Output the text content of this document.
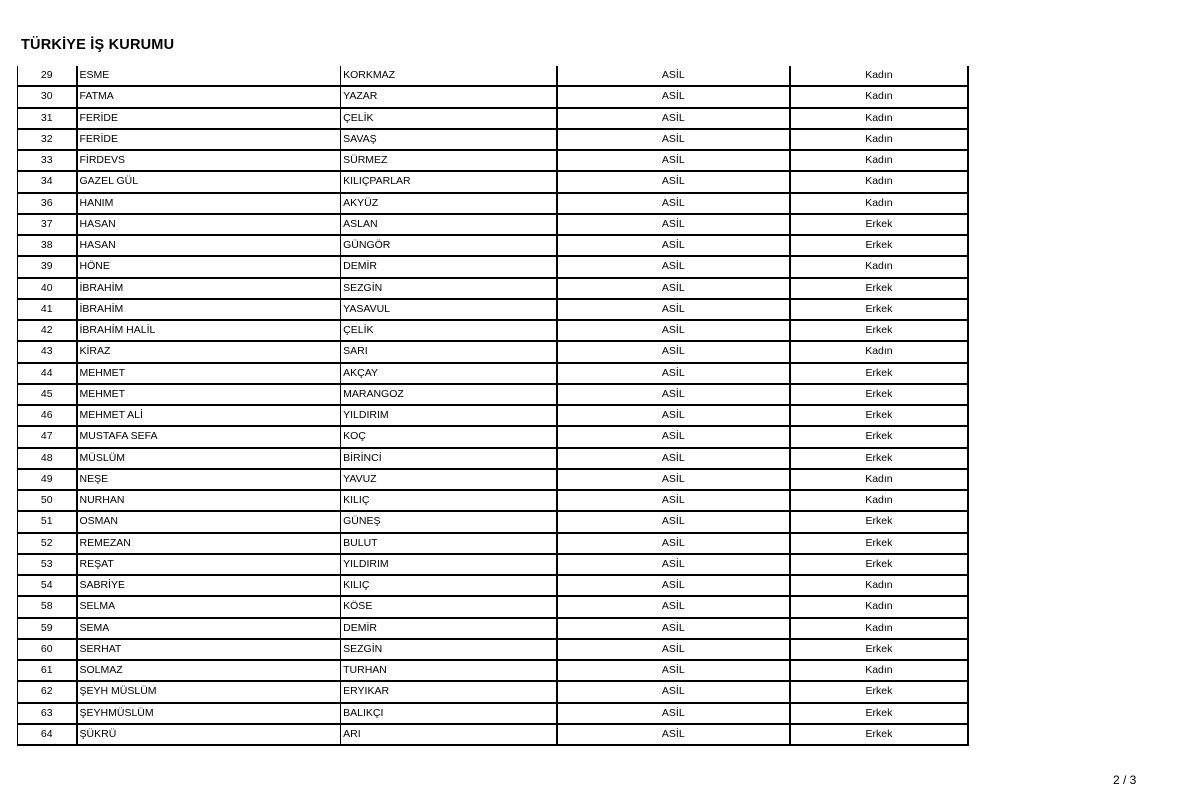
TÜRKİYE İŞ KURUMU
29	ESME	KORKMAZ	ASİL	Kadın
30	FATMA	YAZAR	ASİL	Kadın
31	FERİDE	ÇELİK	ASİL	Kadın
32	FERİDE	SAVAŞ	ASİL	Kadın
33	FİRDEVS	SÜRMEZ	ASİL	Kadın
34	GAZEL GÜL	KILIÇPARLAR	ASİL	Kadın
36	HANIM	AKYÜZ	ASİL	Kadın
37	HASAN	ASLAN	ASİL	Erkek
38	HASAN	GÜNGÖR	ASİL	Erkek
39	HÖNE	DEMİR	ASİL	Kadın
40	İBRAHİM	SEZGİN	ASİL	Erkek
41	İBRAHİM	YASAVUL	ASİL	Erkek
42	İBRAHİM HALİL	ÇELİK	ASİL	Erkek
43	KİRAZ	SARI	ASİL	Kadın
44	MEHMET	AKÇAY	ASİL	Erkek
45	MEHMET	MARANGOZ	ASİL	Erkek
46	MEHMET ALİ	YILDIRIM	ASİL	Erkek
47	MUSTAFA SEFA	KOÇ	ASİL	Erkek
48	MÜSLÜM	BİRİNCİ	ASİL	Erkek
49	NEŞE	YAVUZ	ASİL	Kadın
50	NURHAN	KILIÇ	ASİL	Kadın
51	OSMAN	GÜNEŞ	ASİL	Erkek
52	REMEZAN	BULUT	ASİL	Erkek
53	REŞAT	YILDIRIM	ASİL	Erkek
54	SABRİYE	KILIÇ	ASİL	Kadın
58	SELMA	KÖSE	ASİL	Kadın
59	SEMA	DEMİR	ASİL	Kadın
60	SERHAT	SEZGİN	ASİL	Erkek
61	SOLMAZ	TURHAN	ASİL	Kadın
62	ŞEYH MÜSLÜM	ERYIKAR	ASİL	Erkek
63	ŞEYHMÜSLÜM	BALIKÇI	ASİL	Erkek
64	ŞÜKRÜ	ARI	ASİL	Erkek
2 / 3
